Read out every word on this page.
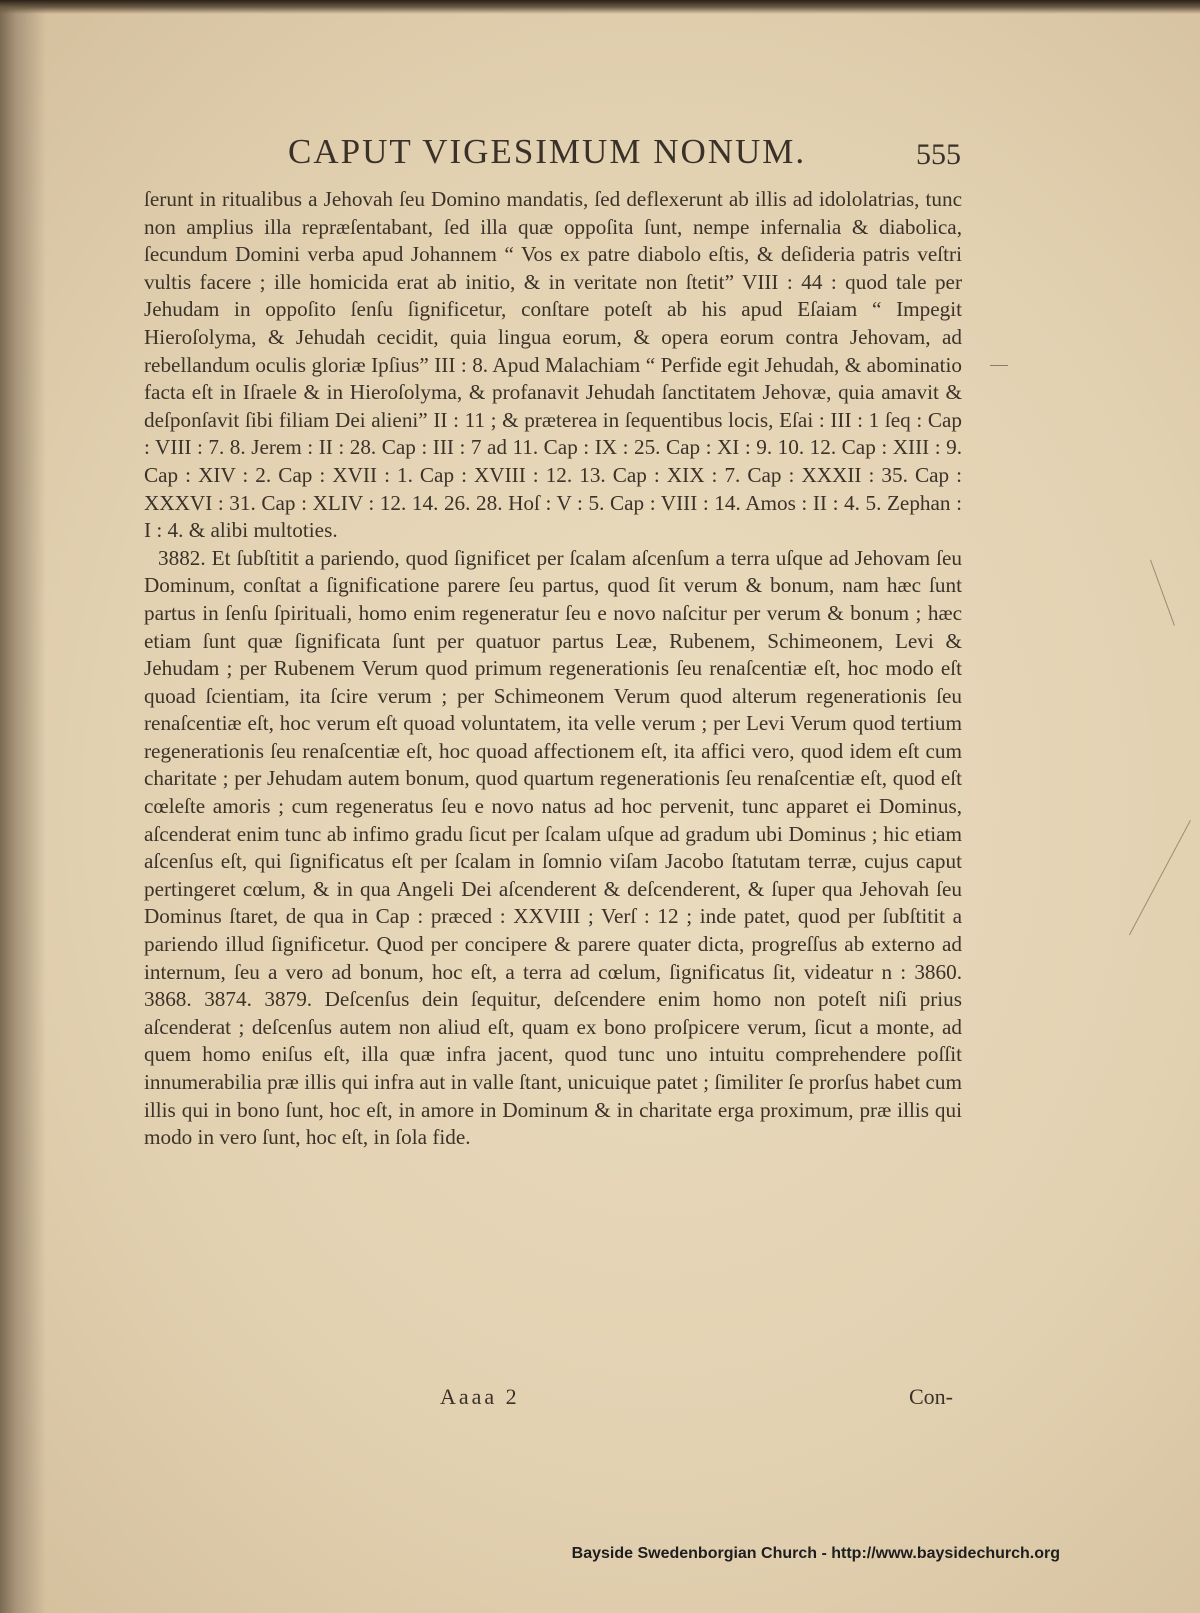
CAPUT VIGESIMUM NONUM.	555

ſerunt in ritualibus a Jehovah ſeu Domino mandatis, ſed deflexerunt ab illis ad idololatrias, tunc non amplius illa repræſentabant, ſed illa quæ oppoſita ſunt, nempe infernalia & diabolica, ſecundum Domini verba apud Johannem “ Vos ex patre diabolo eſtis, & deſideria patris veſtri vultis facere ; ille homicida erat ab initio, & in veritate non ſtetit” VIII : 44 : quod tale per Jehudam in oppoſito ſenſu ſignificetur, conſtare poteſt ab his apud Eſaiam “ Impegit Hieroſolyma, & Jehudah cecidit, quia lingua eorum, & opera eorum contra Jehovam, ad rebellandum oculis gloriæ Ipſius” III : 8. Apud Malachiam “ Perfide egit Jehudah, & abominatio facta eſt in Iſraele & in Hieroſolyma, & profanavit Jehudah ſanctitatem Jehovæ, quia amavit & deſponſavit ſibi filiam Dei alieni” II : 11 ; & præterea in ſequentibus locis, Eſai : III : 1 ſeq : Cap : VIII : 7. 8. Jerem : II : 28. Cap : III : 7 ad 11. Cap : IX : 25. Cap : XI : 9. 10. 12. Cap : XIII : 9. Cap : XIV : 2. Cap : XVII : 1. Cap : XVIII : 12. 13. Cap : XIX : 7. Cap : XXXII : 35. Cap : XXXVI : 31. Cap : XLIV : 12. 14. 26. 28. Hoſ : V : 5. Cap : VIII : 14. Amos : II : 4. 5. Zephan : I : 4. & alibi multoties.

3882. Et ſubſtitit a pariendo, quod ſignificet per ſcalam aſcenſum a terra uſque ad Jehovam ſeu Dominum, conſtat a ſignificatione parere ſeu partus, quod ſit verum & bonum, nam hæc ſunt partus in ſenſu ſpirituali, homo enim regeneratur ſeu e novo naſcitur per verum & bonum ; hæc etiam ſunt quæ ſignificata ſunt per quatuor partus Leæ, Rubenem, Schimeonem, Levi & Jehudam ; per Rubenem Verum quod primum regenerationis ſeu renaſcentiæ eſt, hoc modo eſt quoad ſcientiam, ita ſcire verum ; per Schimeonem Verum quod alterum regenerationis ſeu renaſcentiæ eſt, hoc verum eſt quoad voluntatem, ita velle verum ; per Levi Verum quod tertium regenerationis ſeu renaſcentiæ eſt, hoc quoad affectionem eſt, ita affici vero, quod idem eſt cum charitate ; per Jehudam autem bonum, quod quartum regenerationis ſeu renaſcentiæ eſt, quod eſt cœleſte amoris ; cum regeneratus ſeu e novo natus ad hoc pervenit, tunc apparet ei Dominus, aſcenderat enim tunc ab infimo gradu ſicut per ſcalam uſque ad gradum ubi Dominus ; hic etiam aſcenſus eſt, qui ſignificatus eſt per ſcalam in ſomnio viſam Jacobo ſtatutam terræ, cujus caput pertingeret cœlum, & in qua Angeli Dei aſcenderent & deſcenderent, & ſuper qua Jehovah ſeu Dominus ſtaret, de qua in Cap : præced : XXVIII ; Verſ : 12 ; inde patet, quod per ſubſtitit a pariendo illud ſignificetur. Quod per concipere & parere quater dicta, progreſſus ab externo ad internum, ſeu a vero ad bonum, hoc eſt, a terra ad cœlum, ſignificatus ſit, videatur n : 3860. 3868. 3874. 3879. Deſcenſus dein ſequitur, deſcendere enim homo non poteſt niſi prius aſcenderat ; deſcenſus autem non aliud eſt, quam ex bono proſpicere verum, ſicut a monte, ad quem homo eniſus eſt, illa quæ infra jacent, quod tunc uno intuitu comprehendere poſſit innumerabilia præ illis qui infra aut in valle ſtant, unicuique patet ; ſimiliter ſe prorſus habet cum illis qui in bono ſunt, hoc eſt, in amore in Dominum & in charitate erga proximum, præ illis qui modo in vero ſunt, hoc eſt, in ſola fide.

Aaaa 2	Con-
Bayside Swedenborgian Church - http://www.baysidechurch.org
